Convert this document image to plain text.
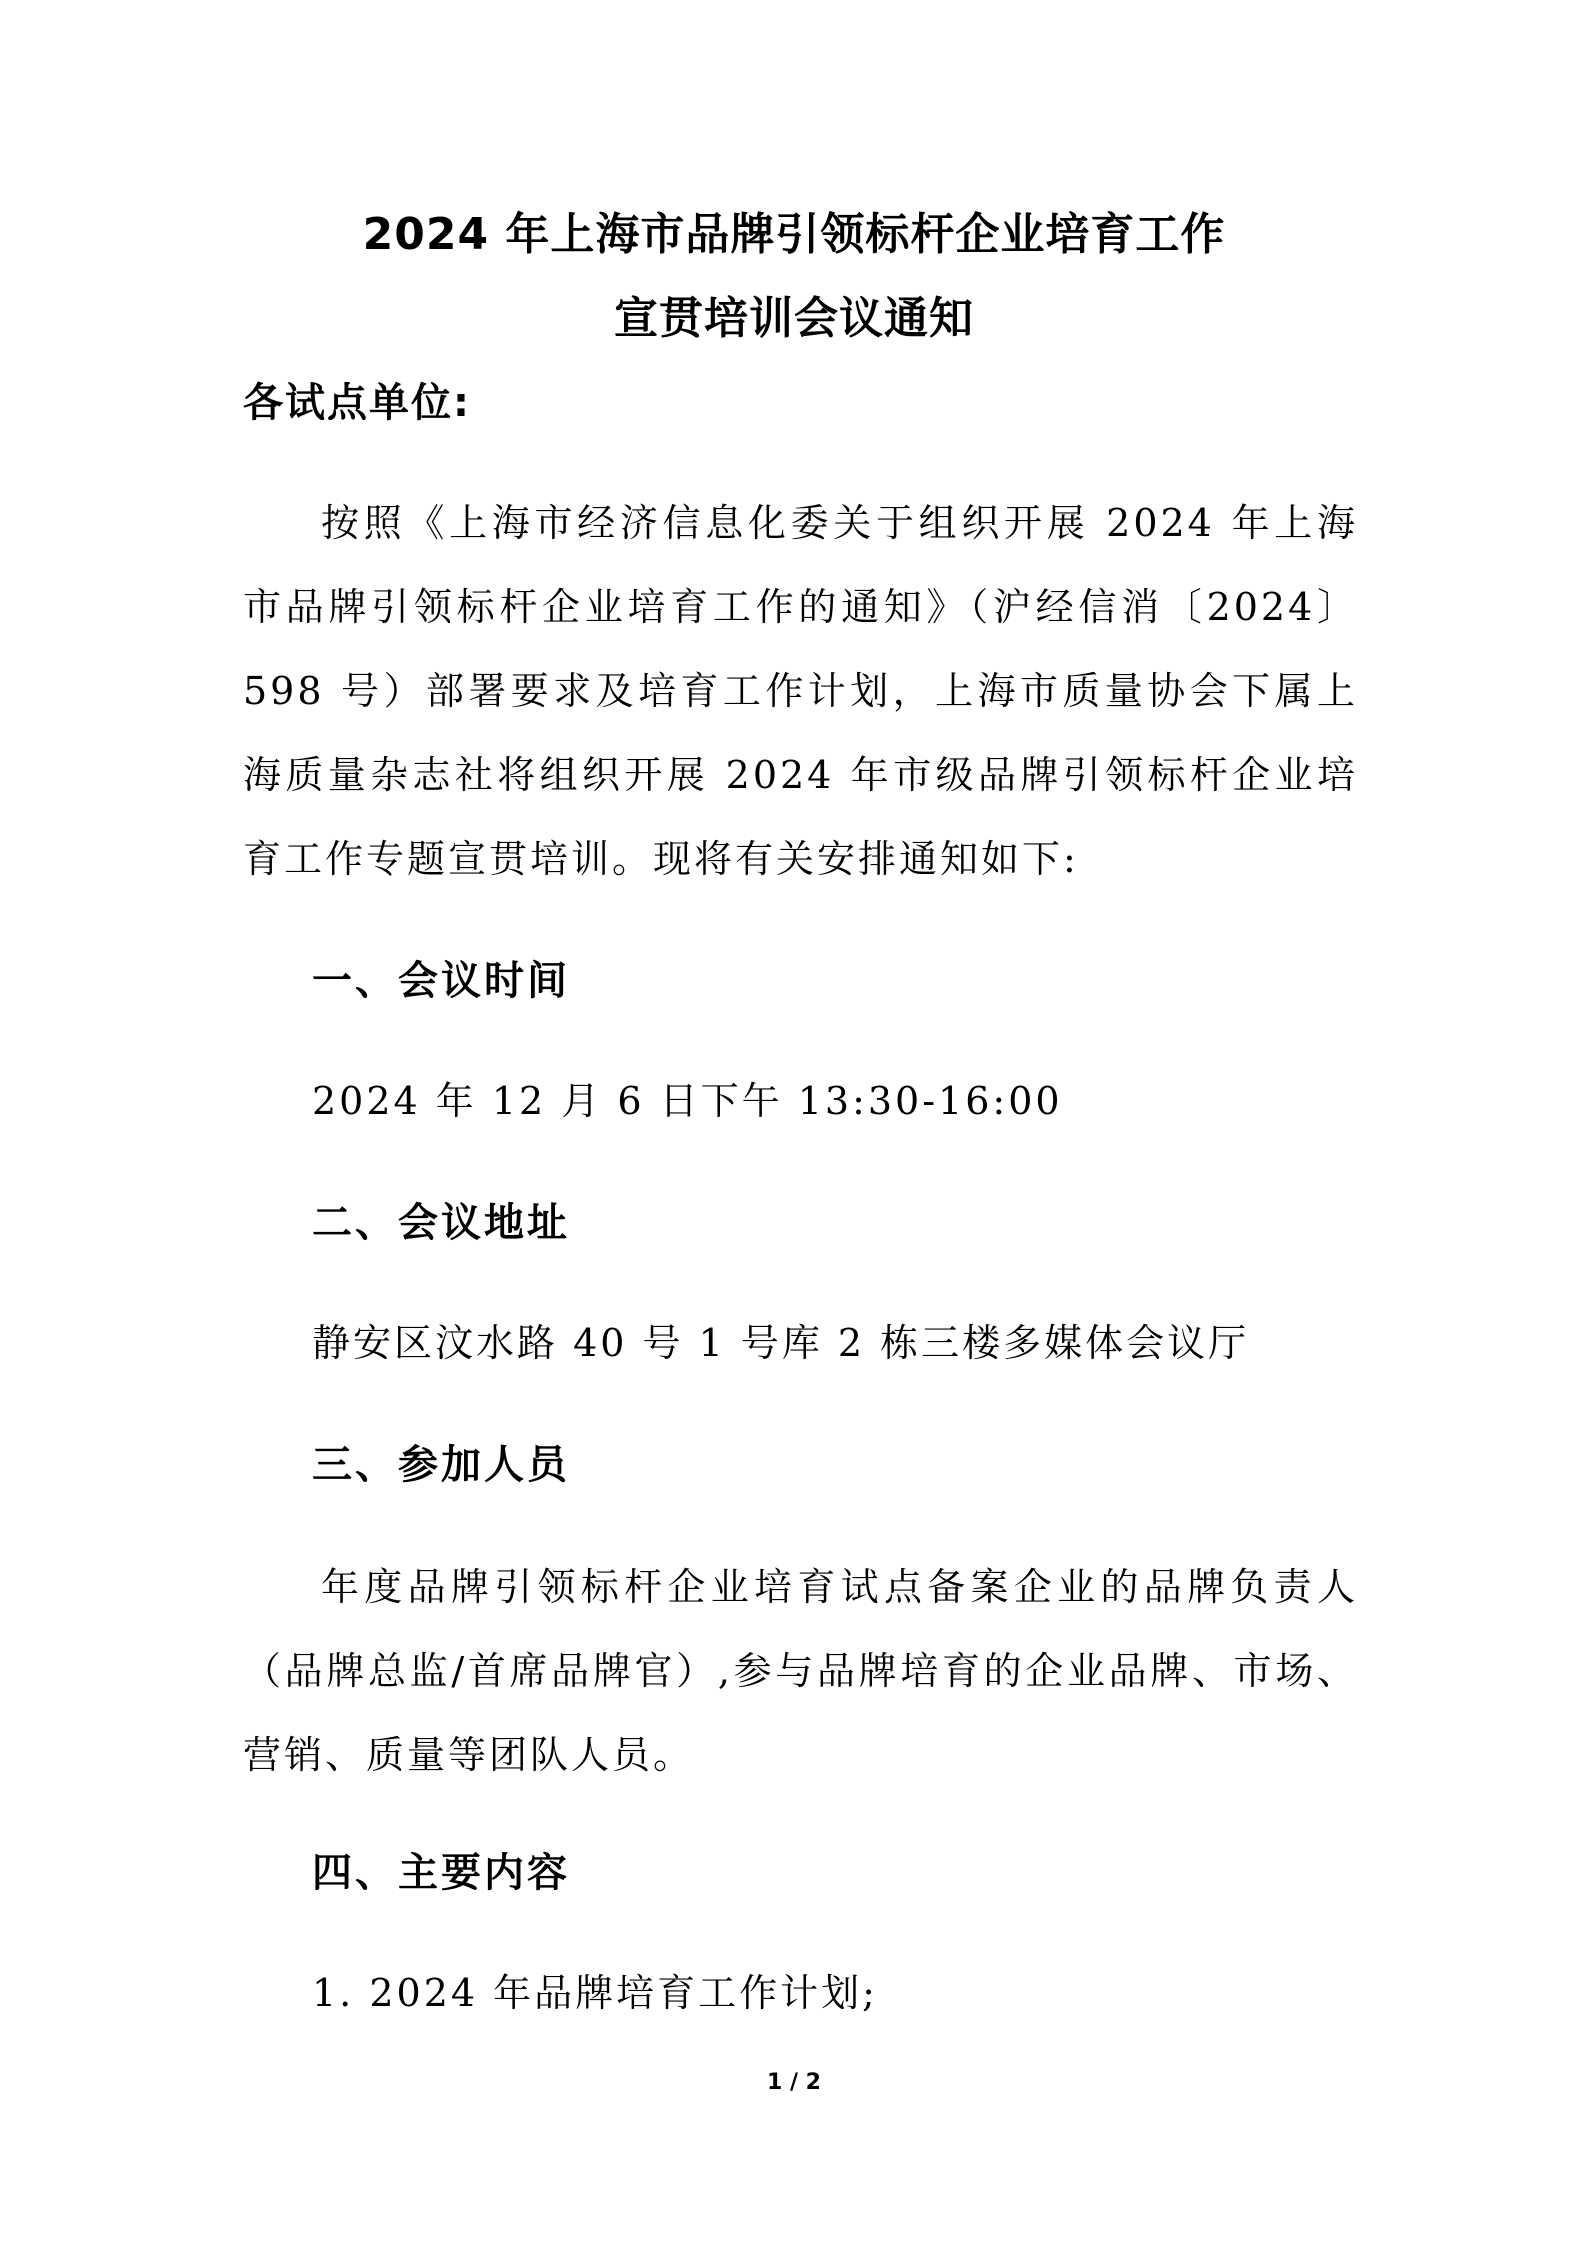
2024 年上海市品牌引领标杆企业培育工作
宣贯培训会议通知
各试点单位:

按照《上海市经济信息化委关于组织开展 2024 年上海市品牌引领标杆企业培育工作的通知》（沪经信消〔2024〕598 号）部署要求及培育工作计划，上海市质量协会下属上海质量杂志社将组织开展 2024 年市级品牌引领标杆企业培育工作专题宣贯培训。现将有关安排通知如下:

一、会议时间
2024 年 12 月 6 日下午 13:30-16:00
二、会议地址
静安区汶水路 40 号 1 号库 2 栋三楼多媒体会议厅
三、参加人员

年度品牌引领标杆企业培育试点备案企业的品牌负责人（品牌总监/首席品牌官）,参与品牌培育的企业品牌、市场、营销、质量等团队人员。

四、主要内容
1. 2024 年品牌培育工作计划;
1 / 2
